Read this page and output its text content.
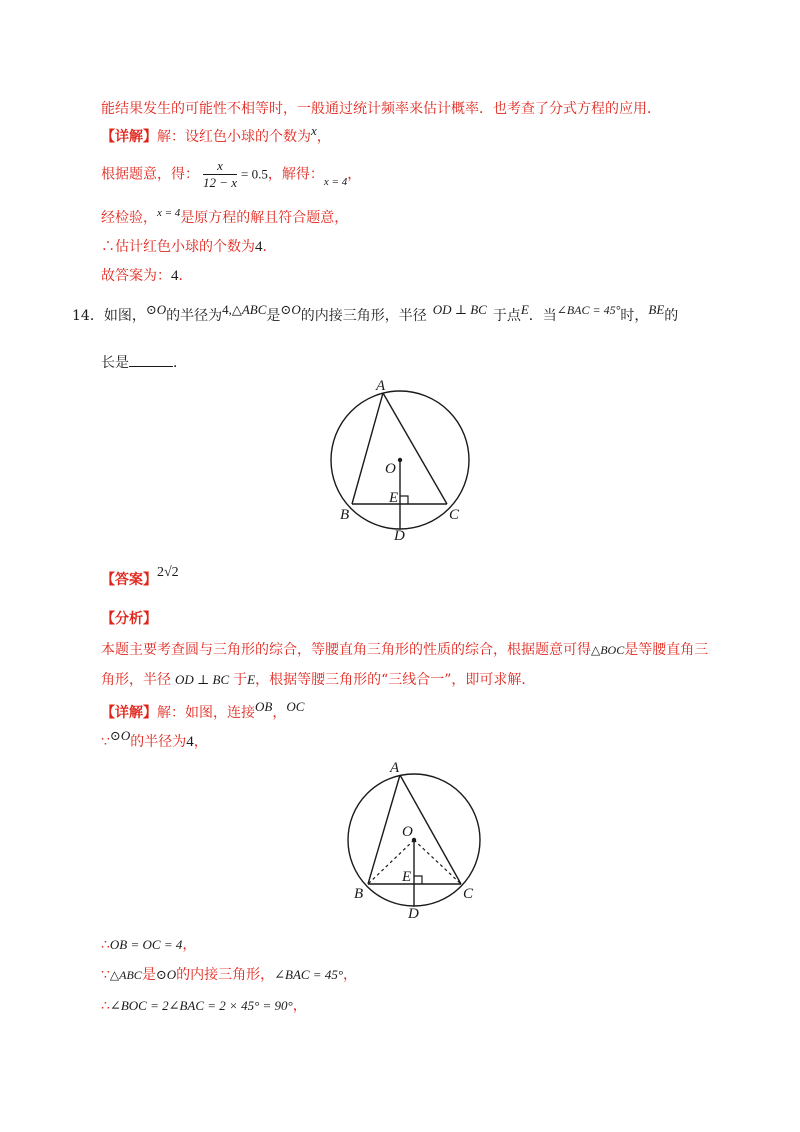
能结果发生的可能性不相等时，一般通过统计频率来估计概率．也考查了分式方程的应用．
【详解】解：设红色小球的个数为x，
根据题意，得： $\frac{x}{12 - x} = 0.5$，解得：$_{x = 4}$，
经检验，$^{x = 4}$是原方程的解且符合题意，
∴估计红色小球的个数为4．
故答案为：4．
14．如图，⊙O的半径为4,△ABC是⊙O的内接三角形，半径 OD ⊥ BC 于点E．当∠BAC = 45°时，BE的
长是	．
A
O
E
B	C
D
【答案】2√2
【分析】
本题主要考查圆与三角形的综合，等腰直角三角形的性质的综合，根据题意可得△BOC是等腰直角三
角形，半径 OD ⊥ BC 于E，根据等腰三角形的“三线合一”，即可求解．
【详解】解：如图，连接OB，OC
∵⊙O的半径为4，
A
O
E
B	C
D
∴OB = OC = 4，
∵△ABC是⊙O的内接三角形，∠BAC = 45°，
∴∠BOC = 2∠BAC = 2 × 45° = 90°，
